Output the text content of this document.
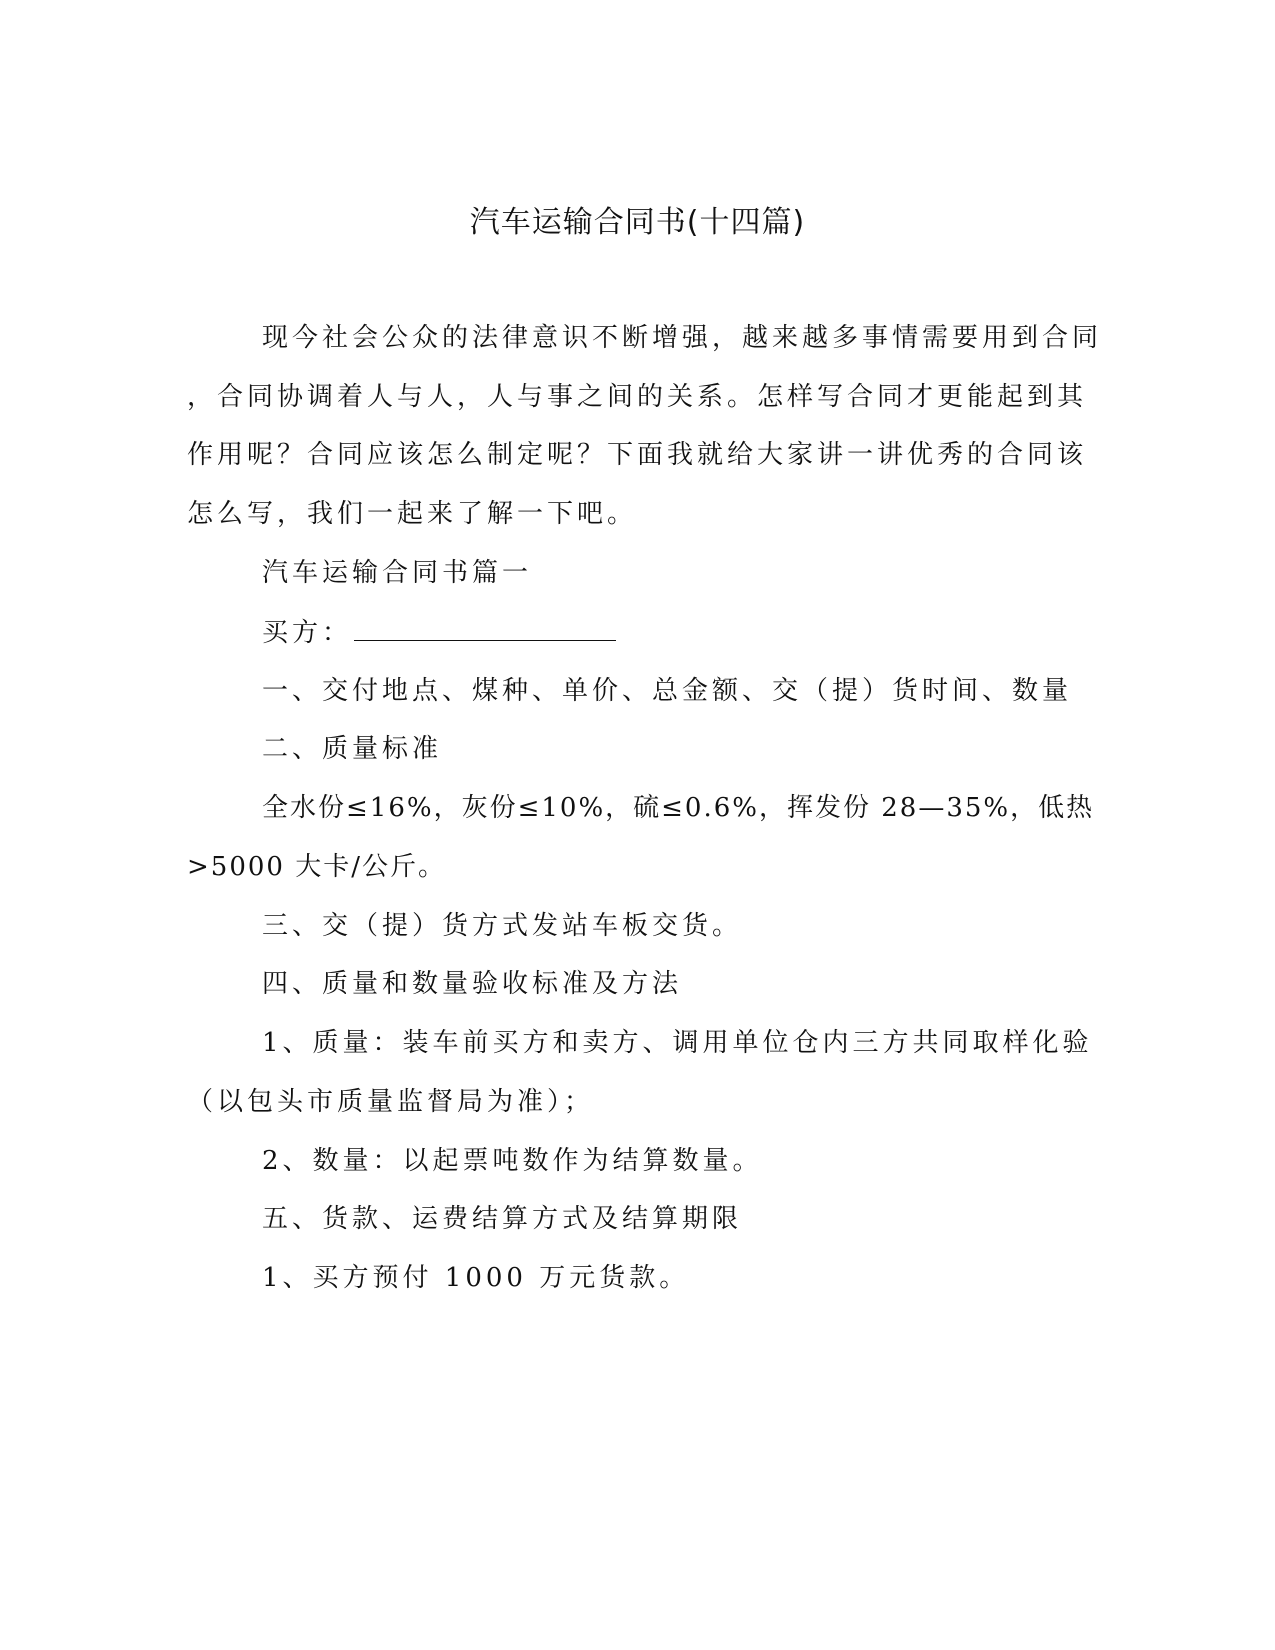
汽车运输合同书(十四篇)
现今社会公众的法律意识不断增强，越来越多事情需要用到合同
，合同协调着人与人，人与事之间的关系。怎样写合同才更能起到其
作用呢？合同应该怎么制定呢？下面我就给大家讲一讲优秀的合同该
怎么写，我们一起来了解一下吧。
汽车运输合同书篇一
买方：
一、交付地点、煤种、单价、总金额、交（提）货时间、数量
二、质量标准
全水份≤16%，灰份≤10%，硫≤0.6%，挥发份 28—35%，低热
>5000 大卡/公斤。
三、交（提）货方式发站车板交货。
四、质量和数量验收标准及方法
1、质量：装车前买方和卖方、调用单位仓内三方共同取样化验
（以包头市质量监督局为准）；
2、数量：以起票吨数作为结算数量。
五、货款、运费结算方式及结算期限
1、买方预付 1000 万元货款。
